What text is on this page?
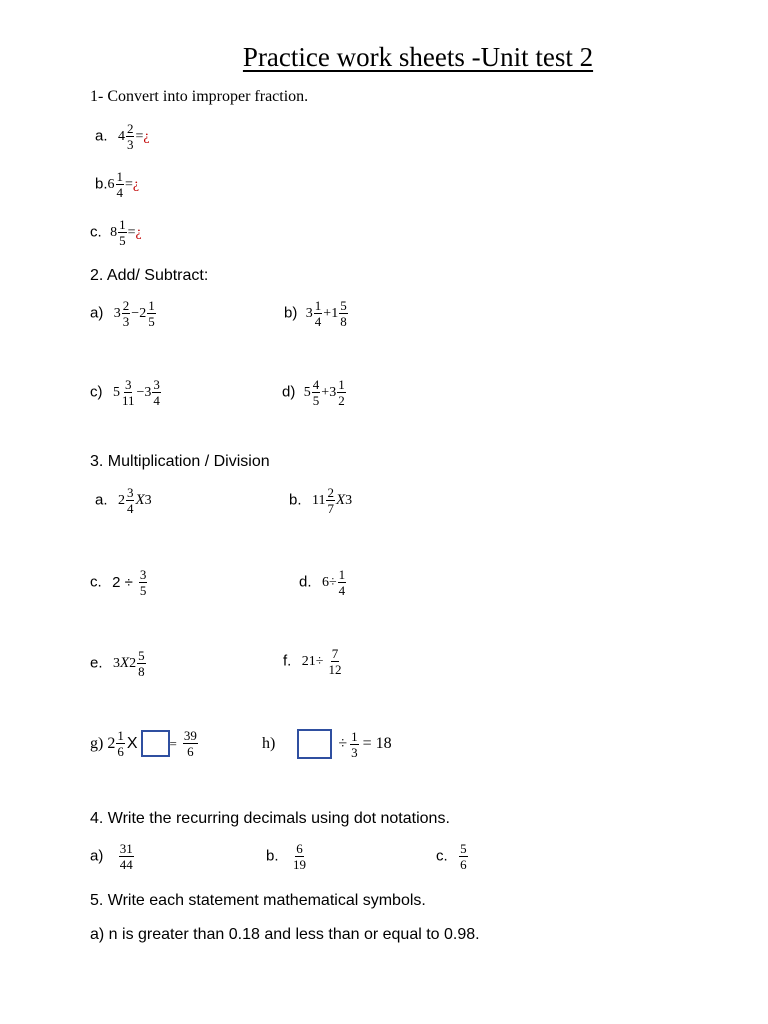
Practice work sheets -Unit test 2
1- Convert into improper fraction.
a. $4 \frac{2}{3}$ = ¿
b. $6 \frac{1}{4}$ = ¿
c. $8 \frac{1}{5}$ = ¿
2. Add/ Subtract:
a) $3 \frac{2}{3} - 2 \frac{1}{5}$	b) $3 \frac{1}{4} + 1 \frac{5}{8}$
c) $5 \frac{3}{11} - 3 \frac{3}{4}$	d) $5 \frac{4}{5} + 3 \frac{1}{2}$
3. Multiplication / Division
a. $2 \frac{3}{4}$ X 3	b. $11 \frac{2}{7}$ X 3
c. $2 \div \frac{3}{5}$	d. $6\div \frac{1}{4}$
e. 3 X $2 \frac{5}{8}$	f. $21\div \frac{7}{12}$
g) $2 \frac{1}{6}$ $X = \frac{39}{6}$	h)	÷ $\frac{1}{3} = 18$
4. Write the recurring decimals using dot notations.
$a) \frac{31}{44}$	b. $\frac{6}{19}$	c. $\frac{5}{6}$
5. Write each statement mathematical symbols.
a) n is greater than 0.18 and less than or equal to 0.98.
